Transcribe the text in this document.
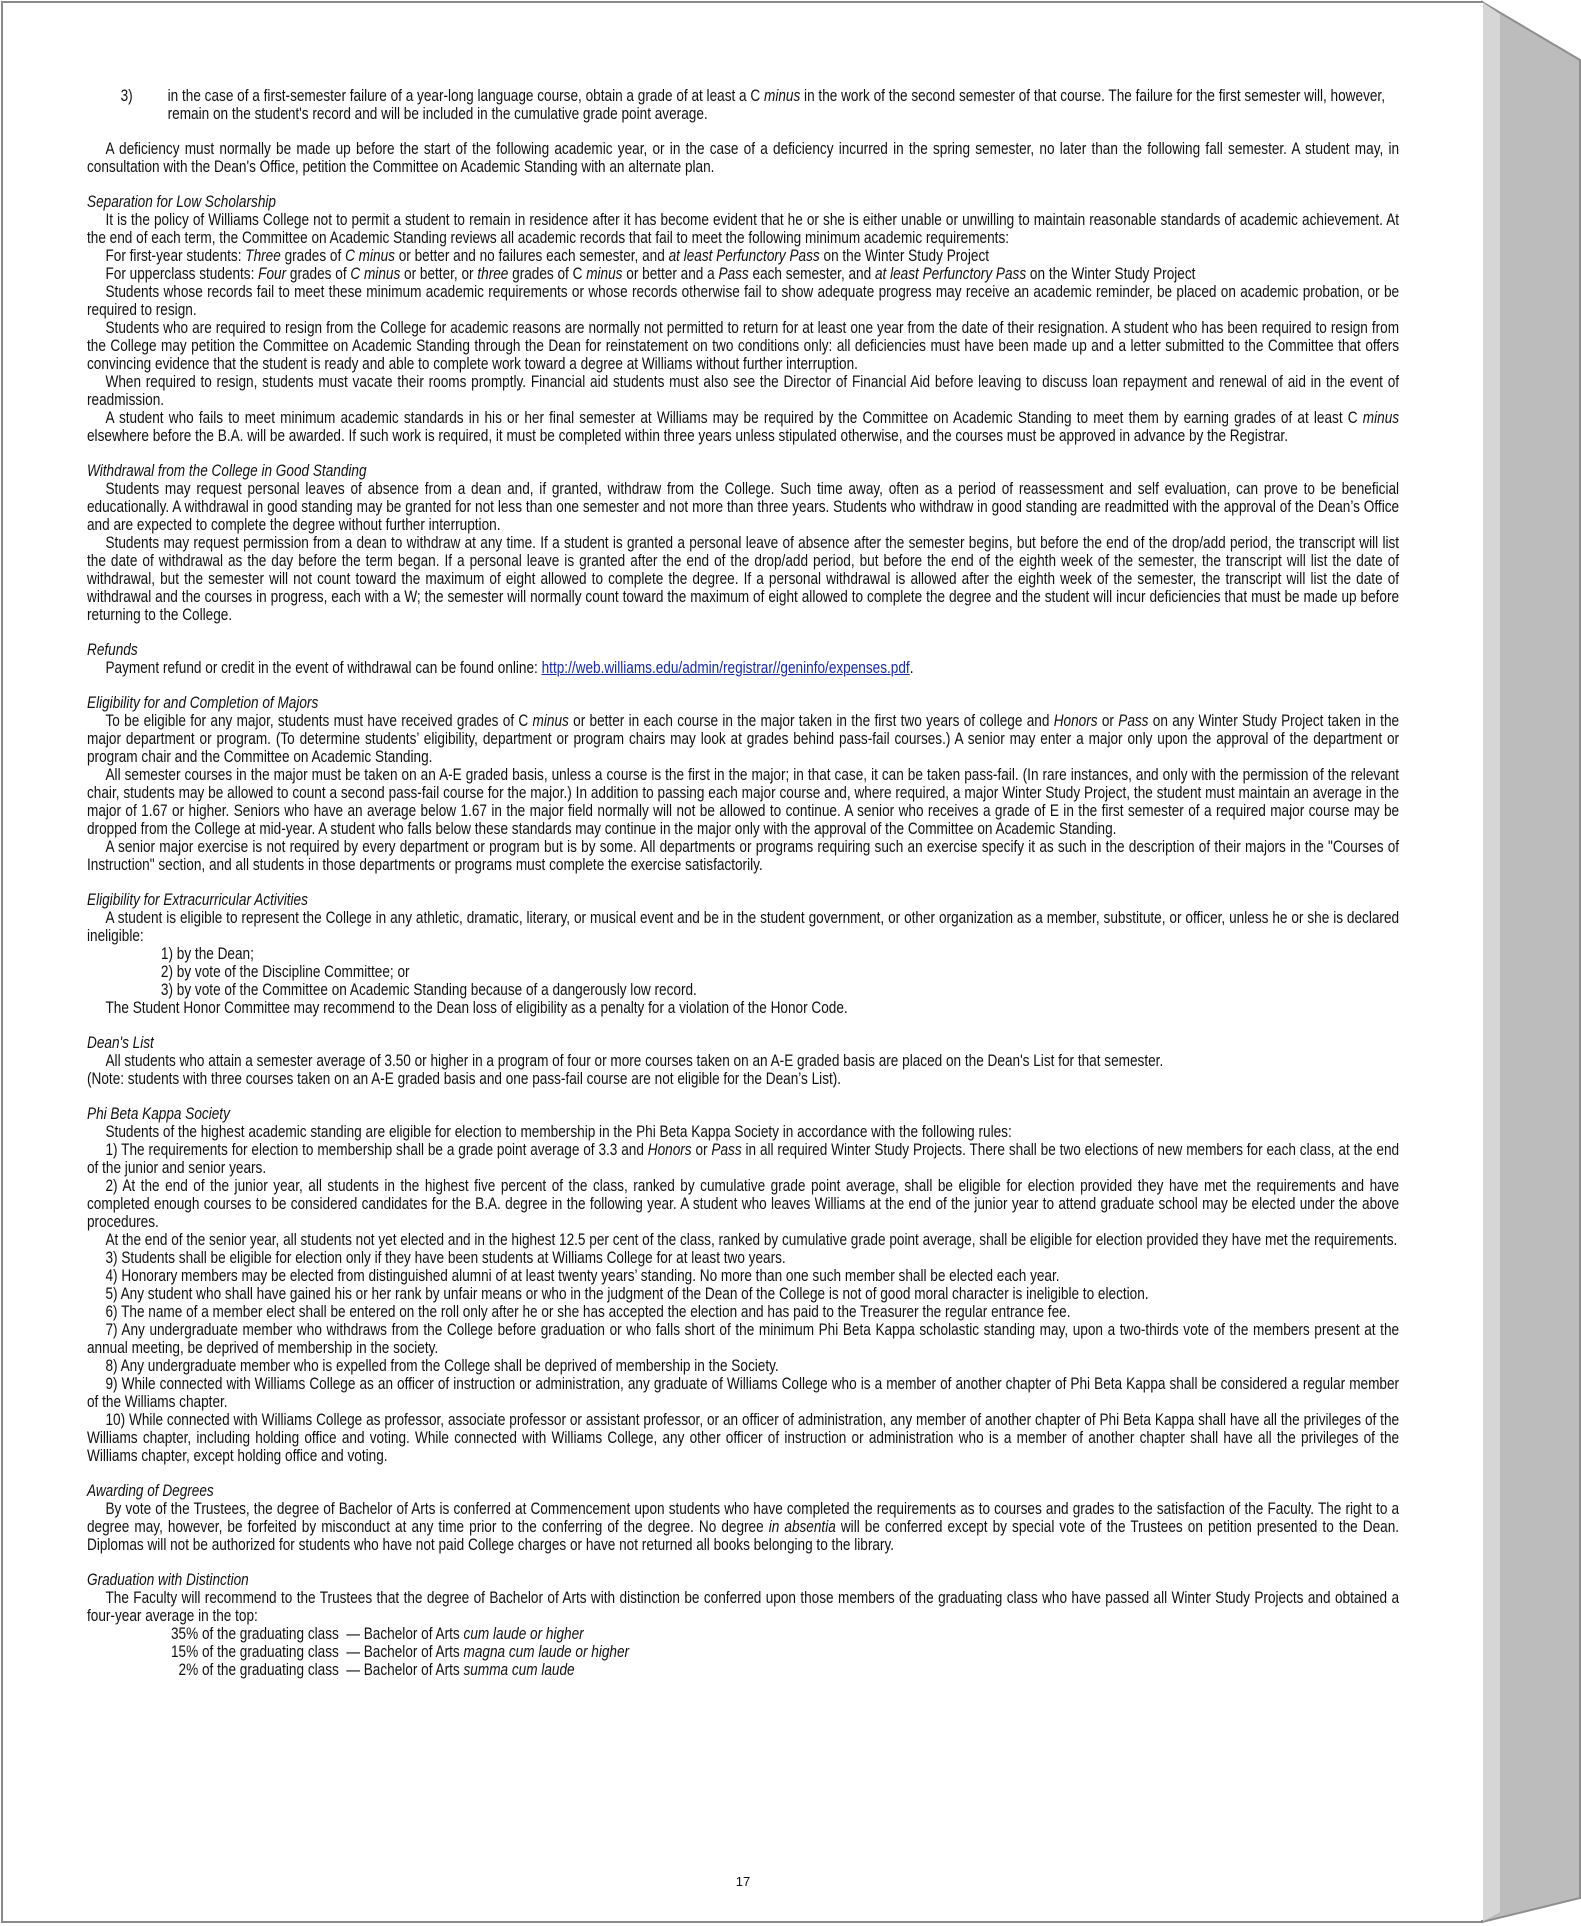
3)	in the case of a first-semester failure of a year-long language course, obtain a grade of at least a C minus in the work of the second semester of that course. The failure for the first semester will, however, remain on the student's record and will be included in the cumulative grade point average.

A deficiency must normally be made up before the start of the following academic year, or in the case of a deficiency incurred in the spring semester, no later than the following fall semester. A student may, in consultation with the Dean's Office, petition the Committee on Academic Standing with an alternate plan.

Separation for Low Scholarship

It is the policy of Williams College not to permit a student to remain in residence after it has become evident that he or she is either unable or unwilling to maintain reasonable standards of academic achievement. At the end of each term, the Committee on Academic Standing reviews all academic records that fail to meet the following minimum academic requirements:

For first-year students: Three grades of C minus or better and no failures each semester, and at least Perfunctory Pass on the Winter Study Project

For upperclass students: Four grades of C minus or better, or three grades of C minus or better and a Pass each semester, and at least Perfunctory Pass on the Winter Study Project

Students whose records fail to meet these minimum academic requirements or whose records otherwise fail to show adequate progress may receive an academic reminder, be placed on academic probation, or be required to resign.

Students who are required to resign from the College for academic reasons are normally not permitted to return for at least one year from the date of their resignation. A student who has been required to resign from the College may petition the Committee on Academic Standing through the Dean for reinstatement on two conditions only: all deficiencies must have been made up and a letter submitted to the Committee that offers convincing evidence that the student is ready and able to complete work toward a degree at Williams without further interruption.

When required to resign, students must vacate their rooms promptly. Financial aid students must also see the Director of Financial Aid before leaving to discuss loan repayment and renewal of aid in the event of readmission.

A student who fails to meet minimum academic standards in his or her final semester at Williams may be required by the Committee on Academic Standing to meet them by earning grades of at least C minus elsewhere before the B.A. will be awarded. If such work is required, it must be completed within three years unless stipulated otherwise, and the courses must be approved in advance by the Registrar.

Withdrawal from the College in Good Standing

Students may request personal leaves of absence from a dean and, if granted, withdraw from the College. Such time away, often as a period of reassessment and self evaluation, can prove to be beneficial educationally. A withdrawal in good standing may be granted for not less than one semester and not more than three years. Students who withdraw in good standing are readmitted with the approval of the Dean’s Office and are expected to complete the degree without further interruption.

Students may request permission from a dean to withdraw at any time. If a student is granted a personal leave of absence after the semester begins, but before the end of the drop/add period, the transcript will list the date of withdrawal as the day before the term began. If a personal leave is granted after the end of the drop/add period, but before the end of the eighth week of the semester, the transcript will list the date of withdrawal, but the semester will not count toward the maximum of eight allowed to complete the degree. If a personal withdrawal is allowed after the eighth week of the semester, the transcript will list the date of withdrawal and the courses in progress, each with a W; the semester will normally count toward the maximum of eight allowed to complete the degree and the student will incur deficiencies that must be made up before returning to the College.

Refunds

Payment refund or credit in the event of withdrawal can be found online: http://web.williams.edu/admin/registrar//geninfo/expenses.pdf.

Eligibility for and Completion of Majors

To be eligible for any major, students must have received grades of C minus or better in each course in the major taken in the first two years of college and Honors or Pass on any Winter Study Project taken in the major department or program. (To determine students’ eligibility, department or program chairs may look at grades behind pass-fail courses.) A senior may enter a major only upon the approval of the department or program chair and the Committee on Academic Standing.

All semester courses in the major must be taken on an A-E graded basis, unless a course is the first in the major; in that case, it can be taken pass-fail. (In rare instances, and only with the permission of the relevant chair, students may be allowed to count a second pass-fail course for the major.) In addition to passing each major course and, where required, a major Winter Study Project, the student must maintain an average in the major of 1.67 or higher. Seniors who have an average below 1.67 in the major field normally will not be allowed to continue. A senior who receives a grade of E in the first semester of a required major course may be dropped from the College at mid-year. A student who falls below these standards may continue in the major only with the approval of the Committee on Academic Standing.

A senior major exercise is not required by every department or program but is by some. All departments or programs requiring such an exercise specify it as such in the description of their majors in the "Courses of Instruction" section, and all students in those departments or programs must complete the exercise satisfactorily.

Eligibility for Extracurricular Activities

A student is eligible to represent the College in any athletic, dramatic, literary, or musical event and be in the student government, or other organization as a member, substitute, or officer, unless he or she is declared ineligible:

1) by the Dean;

2) by vote of the Discipline Committee; or

3) by vote of the Committee on Academic Standing because of a dangerously low record.

The Student Honor Committee may recommend to the Dean loss of eligibility as a penalty for a violation of the Honor Code.

Dean's List

All students who attain a semester average of 3.50 or higher in a program of four or more courses taken on an A-E graded basis are placed on the Dean's List for that semester.

(Note: students with three courses taken on an A-E graded basis and one pass-fail course are not eligible for the Dean’s List).

Phi Beta Kappa Society

Students of the highest academic standing are eligible for election to membership in the Phi Beta Kappa Society in accordance with the following rules:

1) The requirements for election to membership shall be a grade point average of 3.3 and Honors or Pass in all required Winter Study Projects. There shall be two elections of new members for each class, at the end of the junior and senior years.

2) At the end of the junior year, all students in the highest five percent of the class, ranked by cumulative grade point average, shall be eligible for election provided they have met the requirements and have completed enough courses to be considered candidates for the B.A. degree in the following year. A student who leaves Williams at the end of the junior year to attend graduate school may be elected under the above procedures.

At the end of the senior year, all students not yet elected and in the highest 12.5 per cent of the class, ranked by cumulative grade point average, shall be eligible for election provided they have met the requirements.

3) Students shall be eligible for election only if they have been students at Williams College for at least two years.

4) Honorary members may be elected from distinguished alumni of at least twenty years’ standing. No more than one such member shall be elected each year.

5) Any student who shall have gained his or her rank by unfair means or who in the judgment of the Dean of the College is not of good moral character is ineligible to election.

6) The name of a member elect shall be entered on the roll only after he or she has accepted the election and has paid to the Treasurer the regular entrance fee.

7) Any undergraduate member who withdraws from the College before graduation or who falls short of the minimum Phi Beta Kappa scholastic standing may, upon a two-thirds vote of the members present at the annual meeting, be deprived of membership in the society.

8) Any undergraduate member who is expelled from the College shall be deprived of membership in the Society.

9) While connected with Williams College as an officer of instruction or administration, any graduate of Williams College who is a member of another chapter of Phi Beta Kappa shall be considered a regular member of the Williams chapter.

10) While connected with Williams College as professor, associate professor or assistant professor, or an officer of administration, any member of another chapter of Phi Beta Kappa shall have all the privileges of the Williams chapter, including holding office and voting. While connected with Williams College, any other officer of instruction or administration who is a member of another chapter shall have all the privileges of the Williams chapter, except holding office and voting.

Awarding of Degrees

By vote of the Trustees, the degree of Bachelor of Arts is conferred at Commencement upon students who have completed the requirements as to courses and grades to the satisfaction of the Faculty. The right to a degree may, however, be forfeited by misconduct at any time prior to the conferring of the degree. No degree in absentia will be conferred except by special vote of the Trustees on petition presented to the Dean. Diplomas will not be authorized for students who have not paid College charges or have not returned all books belonging to the library.

Graduation with Distinction

The Faculty will recommend to the Trustees that the degree of Bachelor of Arts with distinction be conferred upon those members of the graduating class who have passed all Winter Study Projects and obtained a four-year average in the top:

35% of the graduating class  — Bachelor of Arts cum laude or higher

15% of the graduating class  — Bachelor of Arts magna cum laude or higher

2% of the graduating class  — Bachelor of Arts summa cum laude

17
